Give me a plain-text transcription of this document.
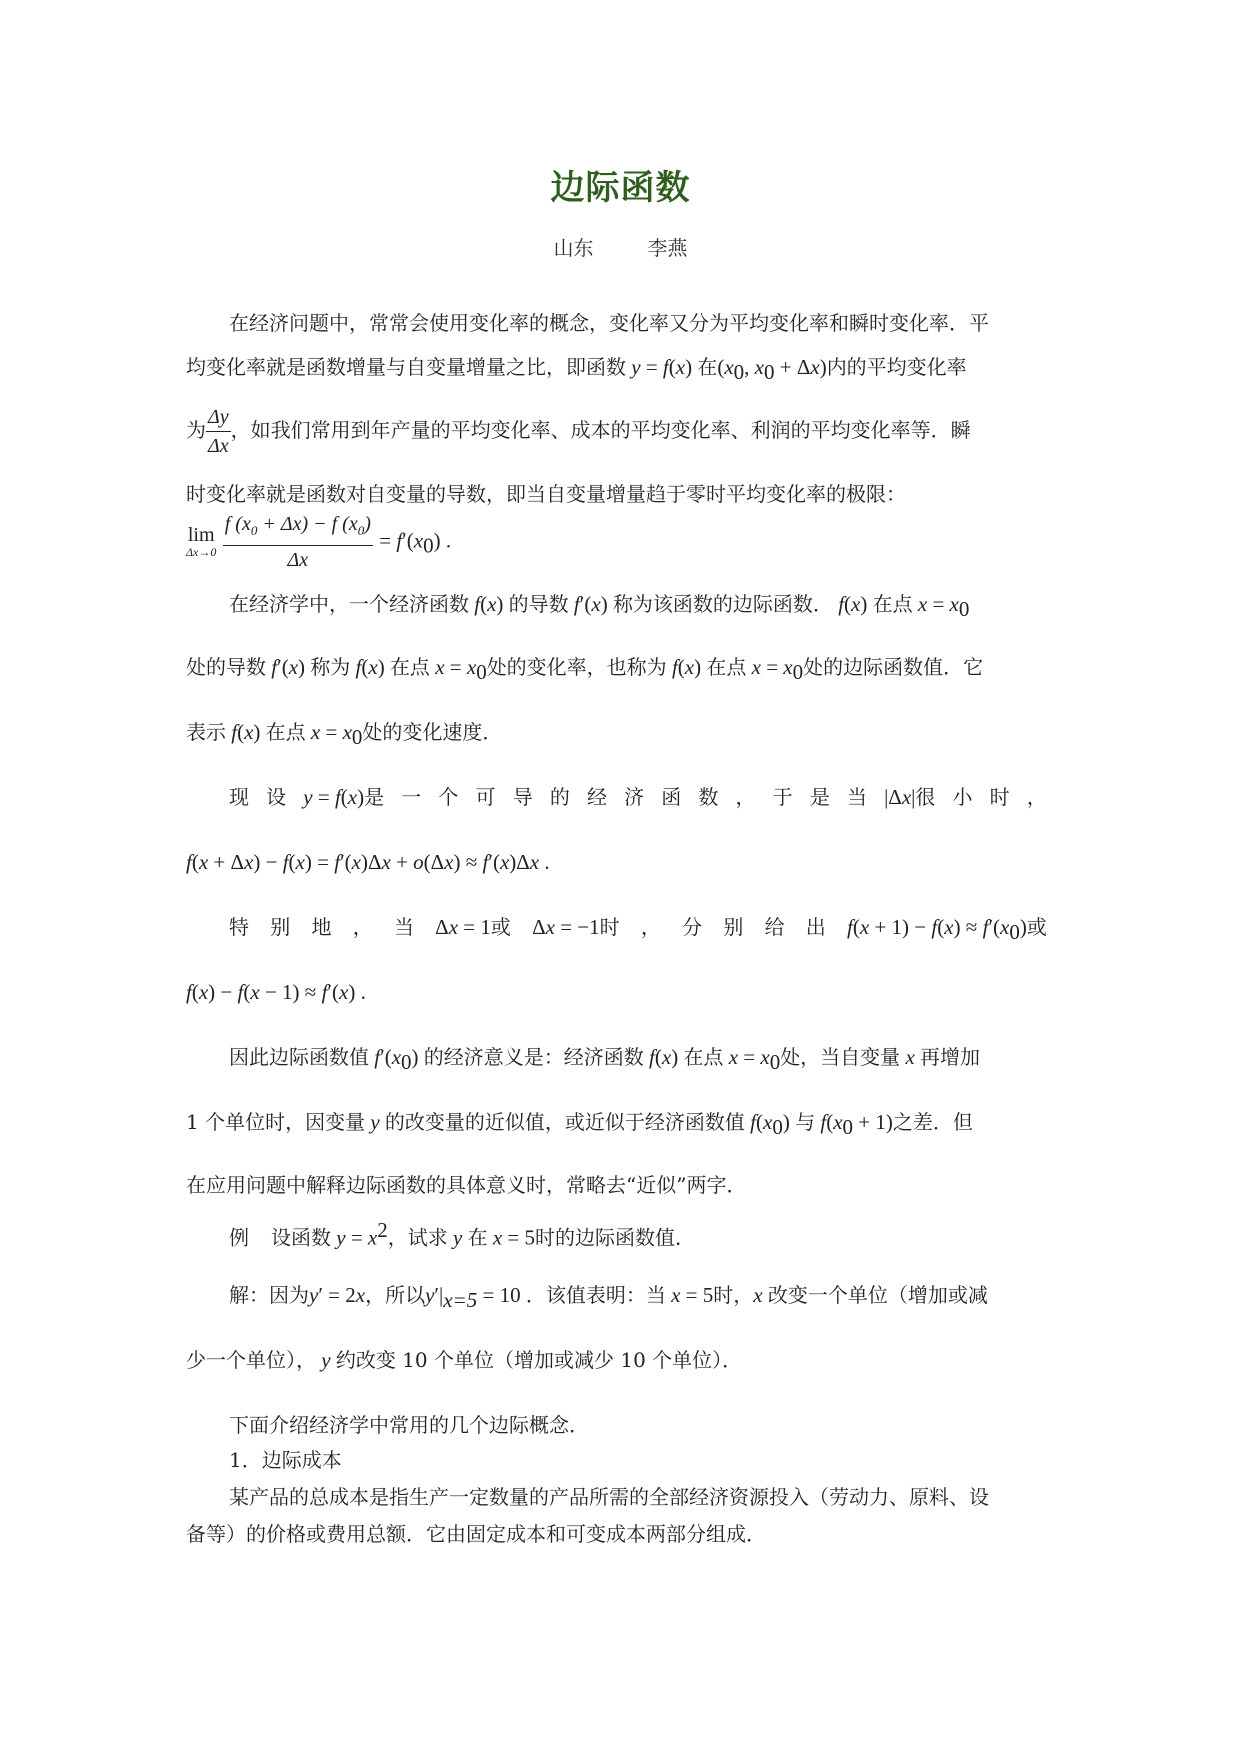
边际函数
山东	李燕
在经济问题中，常常会使用变化率的概念，变化率又分为平均变化率和瞬时变化率．平
均变化率就是函数增量与自变量增量之比，即函数 y = f(x) 在($x_0$, $x_0 + \Delta x$)内的平均变化率
为 $\frac{\Delta y}{\Delta x}$ ，如我们常用到年产量的平均变化率、成本的平均变化率、利润的平均变化率等．瞬
时变化率就是函数对自变量的导数，即当自变量增量趋于零时平均变化率的极限：
lim
Δx→0
$\frac{f (x_0 + \Delta x) - f (x_0)}{\Delta x} = f'(x_0)$ .
在经济学中，一个经济函数 f(x) 的导数 f′(x) 称为该函数的边际函数． f(x) 在点 $x = x_0$
处的导数 f′(x) 称为 f(x) 在点 $x = x_0$处的变化率，也称为 f(x) 在点 $x = x_0$处的边际函数值．它
表示 f(x) 在点 $x = x_0$处的变化速度．
现 设 y = f(x)是 一 个 可 导 的 经 济 函 数 ， 于 是 当 |Δx|很 小 时 ，
f(x + Δx) − f(x) = f′(x)Δx + o(Δx) ≈ f′(x)Δx .
特 别 地 ， 当 Δx = 1或 Δx = −1时 ， 分 别 给 出 $f(x + 1) - f(x) \approx f'(x_0)$或
f(x) − f(x − 1) ≈ f′(x) .
因此边际函数值 $f'(x_0)$ 的经济意义是：经济函数 f(x) 在点 $x = x_0$处，当自变量 x 再增加
1 个单位时，因变量 y 的改变量的近似值，或近似于经济函数值 $f(x_0)$ 与 $f(x_0 + 1)$之差．但
在应用问题中解释边际函数的具体意义时，常略去“近似”两字．
例 设函数 $y = x^2$，试求 y 在 x = 5时的边际函数值．
解：因为y′ = 2x，所以$y'|_{x=5} = 10$ ．该值表明：当 x = 5时，x 改变一个单位（增加或减
少一个单位）， y 约改变 10 个单位（增加或减少 10 个单位）．
下面介绍经济学中常用的几个边际概念．
1．边际成本
某产品的总成本是指生产一定数量的产品所需的全部经济资源投入（劳动力、原料、设
备等）的价格或费用总额．它由固定成本和可变成本两部分组成．
